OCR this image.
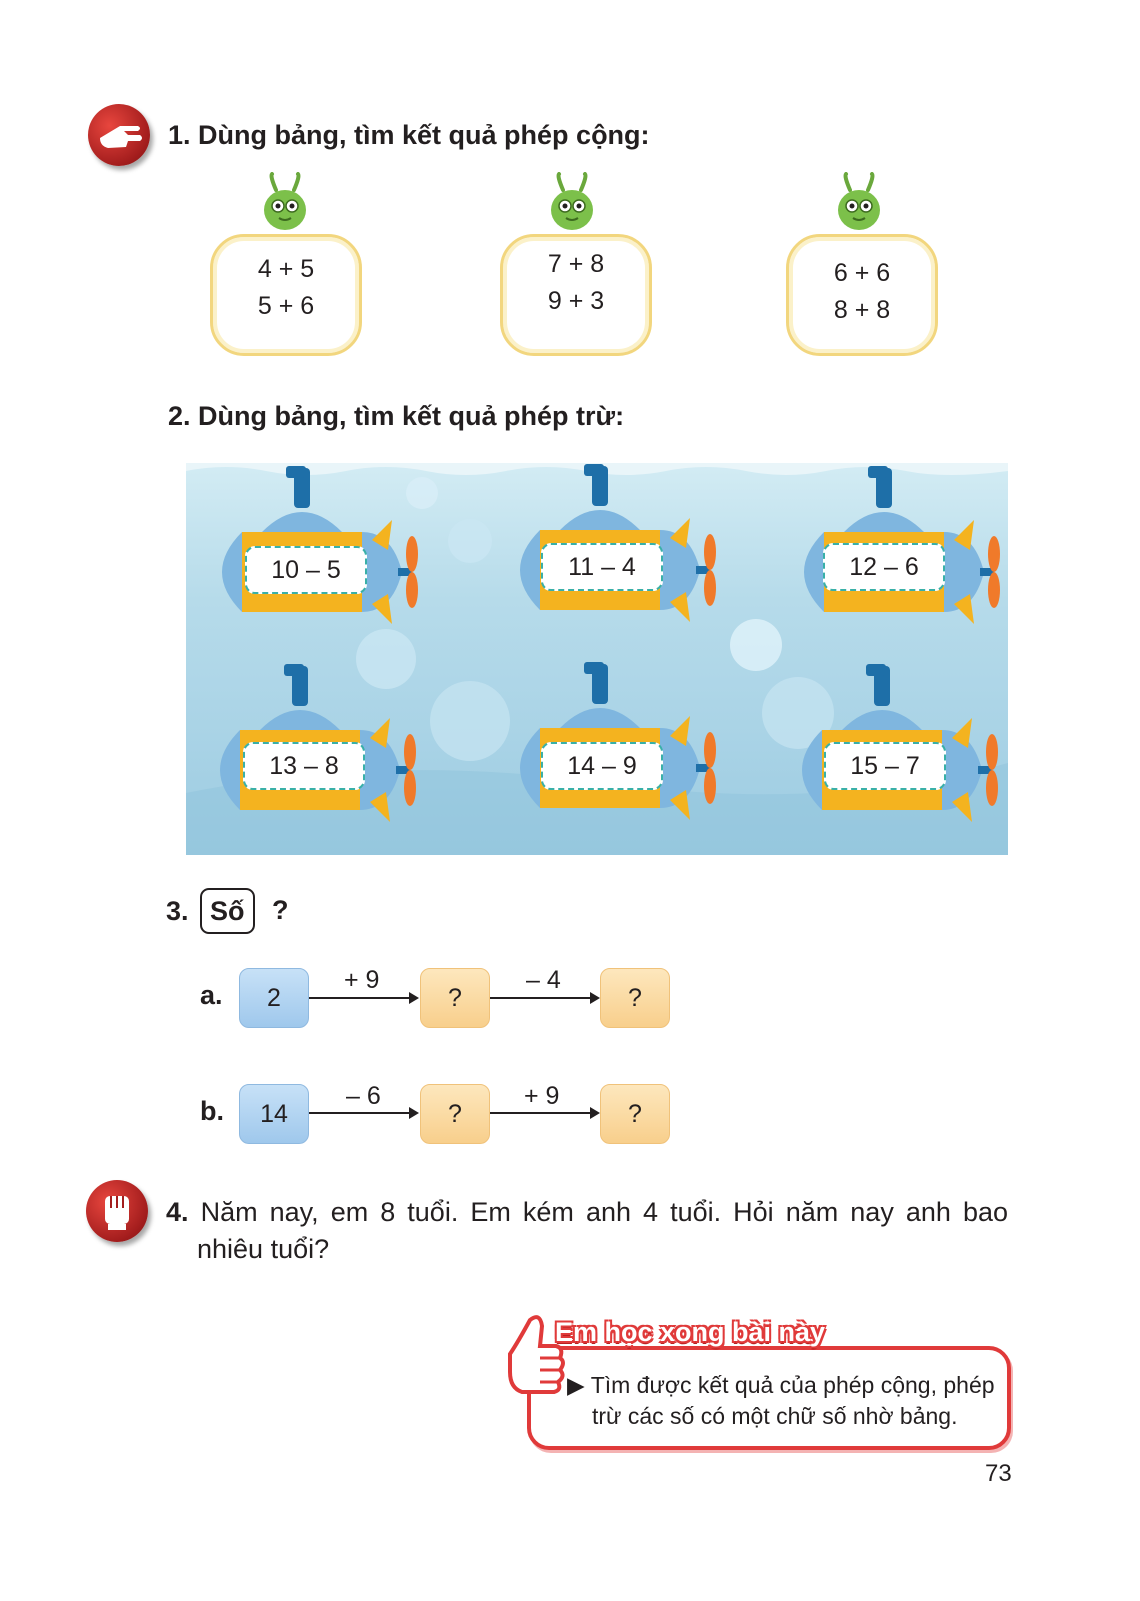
1. Dùng bảng, tìm kết quả phép cộng:
4 + 5
5 + 6
7 + 8
9 + 3
6 + 6
8 + 8
2. Dùng bảng, tìm kết quả phép trừ:
10 – 5	11 – 4	12 – 6
13 – 8	14 – 9	15 – 7
3. Số	?
a.	2
+ 9
?
– 4
?
b.	14
– 6
?
+ 9
?
4. Năm nay, em 8 tuổi. Em kém anh 4 tuổi. Hỏi năm nay anh bao
nhiêu tuổi?
Em học xong bài này
▶ Tìm được kết quả của phép cộng, phép
trừ các số có một chữ số nhờ bảng.
73
